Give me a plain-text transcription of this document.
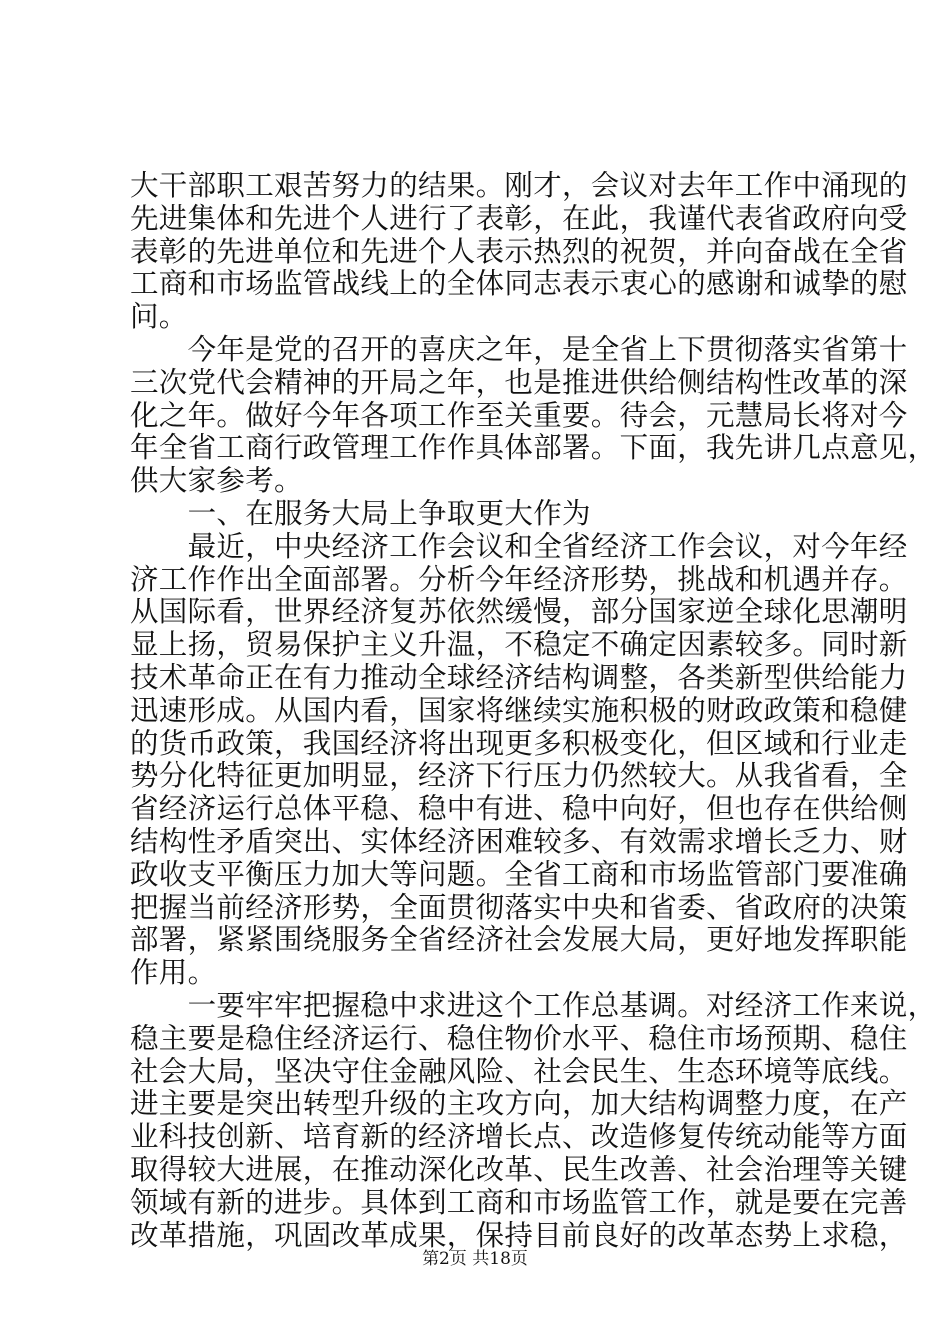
大干部职工艰苦努力的结果。刚才，会议对去年工作中涌现的
先进集体和先进个人进行了表彰，在此，我谨代表省政府向受
表彰的先进单位和先进个人表示热烈的祝贺，并向奋战在全省
工商和市场监管战线上的全体同志表示衷心的感谢和诚挚的慰
问。
　　今年是党的召开的喜庆之年，是全省上下贯彻落实省第十
三次党代会精神的开局之年，也是推进供给侧结构性改革的深
化之年。做好今年各项工作至关重要。待会，元慧局长将对今
年全省工商行政管理工作作具体部署。下面，我先讲几点意见，
供大家参考。
　　一、在服务大局上争取更大作为
　　最近，中央经济工作会议和全省经济工作会议，对今年经
济工作作出全面部署。分析今年经济形势，挑战和机遇并存。
从国际看，世界经济复苏依然缓慢，部分国家逆全球化思潮明
显上扬，贸易保护主义升温，不稳定不确定因素较多。同时新
技术革命正在有力推动全球经济结构调整，各类新型供给能力
迅速形成。从国内看，国家将继续实施积极的财政政策和稳健
的货币政策，我国经济将出现更多积极变化，但区域和行业走
势分化特征更加明显，经济下行压力仍然较大。从我省看，全
省经济运行总体平稳、稳中有进、稳中向好，但也存在供给侧
结构性矛盾突出、实体经济困难较多、有效需求增长乏力、财
政收支平衡压力加大等问题。全省工商和市场监管部门要准确
把握当前经济形势，全面贯彻落实中央和省委、省政府的决策
部署，紧紧围绕服务全省经济社会发展大局，更好地发挥职能
作用。
　　一要牢牢把握稳中求进这个工作总基调。对经济工作来说，
稳主要是稳住经济运行、稳住物价水平、稳住市场预期、稳住
社会大局，坚决守住金融风险、社会民生、生态环境等底线。
进主要是突出转型升级的主攻方向，加大结构调整力度，在产
业科技创新、培育新的经济增长点、改造修复传统动能等方面
取得较大进展，在推动深化改革、民生改善、社会治理等关键
领域有新的进步。具体到工商和市场监管工作，就是要在完善
改革措施，巩固改革成果，保持目前良好的改革态势上求稳，
第2页 共18页
